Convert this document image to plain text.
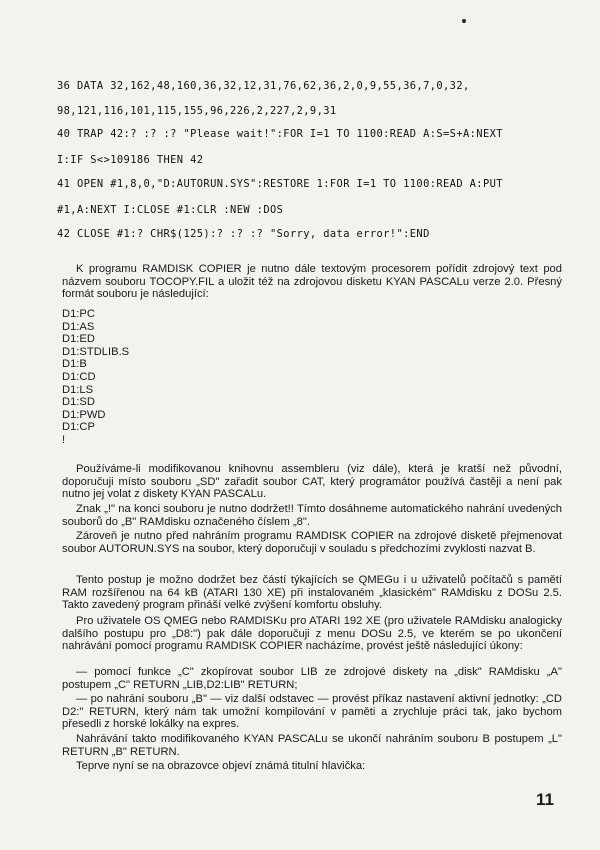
36 DATA 32,162,48,160,36,32,12,31,76,62,36,2,0,9,55,36,7,0,32,
98,121,116,101,115,155,96,226,2,227,2,9,31
40 TRAP 42:? :? :? "Please wait!":FOR I=1 TO 1100:READ A:S=S+A:NEXT
I:IF S<>109186 THEN 42
41 OPEN #1,8,0,"D:AUTORUN.SYS":RESTORE 1:FOR I=1 TO 1100:READ A:PUT
#1,A:NEXT I:CLOSE #1:CLR :NEW :DOS
42 CLOSE #1:? CHR$(125):? :? :? "Sorry, data error!":END

K programu RAMDISK COPIER je nutno dále textovým procesorem pořídit zdrojový text pod názvem souboru TOCOPY.FIL a uložit též na zdrojovou disketu KYAN PASCALu verze 2.0. Přesný formát souboru je následující:

D1:PC
D1:AS
D1:ED
D1:STDLIB.S
D1:B
D1:CD
D1:LS
D1:SD
D1:PWD
D1:CP
!

Používáme-li modifikovanou knihovnu assembleru (viz dále), která je kratší než původní, doporučuji místo souboru „SD" zařadit soubor CAT, který programátor používá častěji a není pak nutno jej volat z diskety KYAN PASCALu.

Znak „!" na konci souboru je nutno dodržet!! Tímto dosáhneme automatického nahrání uvedených souborů do „B" RAMdisku označeného číslem „8".

Zároveň je nutno před nahráním programu RAMDISK COPIER na zdrojové disketě přejmenovat soubor AUTORUN.SYS na soubor, který doporučuji v souladu s předchozími zvyklosti nazvat B.

Tento postup je možno dodržet bez částí týkajících se QMEGu i u uživatelů počítačů s pamětí RAM rozšířenou na 64 kB (ATARI 130 XE) při instalovaném „klasickém" RAMdisku z DOSu 2.5. Takto zavedený program přináší velké zvýšení komfortu obsluhy.

Pro uživatele OS QMEG nebo RAMDISKu pro ATARI 192 XE (pro uživatele RAMdisku analogicky dalšího postupu pro „D8:") pak dále doporučuji z menu DOSu 2.5, ve kterém se po ukončení nahrávání pomocí programu RAMDISK COPIER nacházíme, provést ještě následující úkony:

— pomocí funkce „C" zkopírovat soubor LIB ze zdrojové diskety na „disk" RAMdisku „A" postupem „C" RETURN „LIB,D2:LIB" RETURN;

— po nahrání souboru „B" — viz další odstavec — provést příkaz nastavení aktivní jednotky: „CD D2:" RETURN, který nám tak umožní kompilování v paměti a zrychluje práci tak, jako bychom přesedli z horské lokálky na expres.

Nahrávání takto modifikovaného KYAN PASCALu se ukončí nahráním souboru B postupem „L" RETURN „B" RETURN.

Teprve nyní se na obrazovce objeví známá titulní hlavička:

11
